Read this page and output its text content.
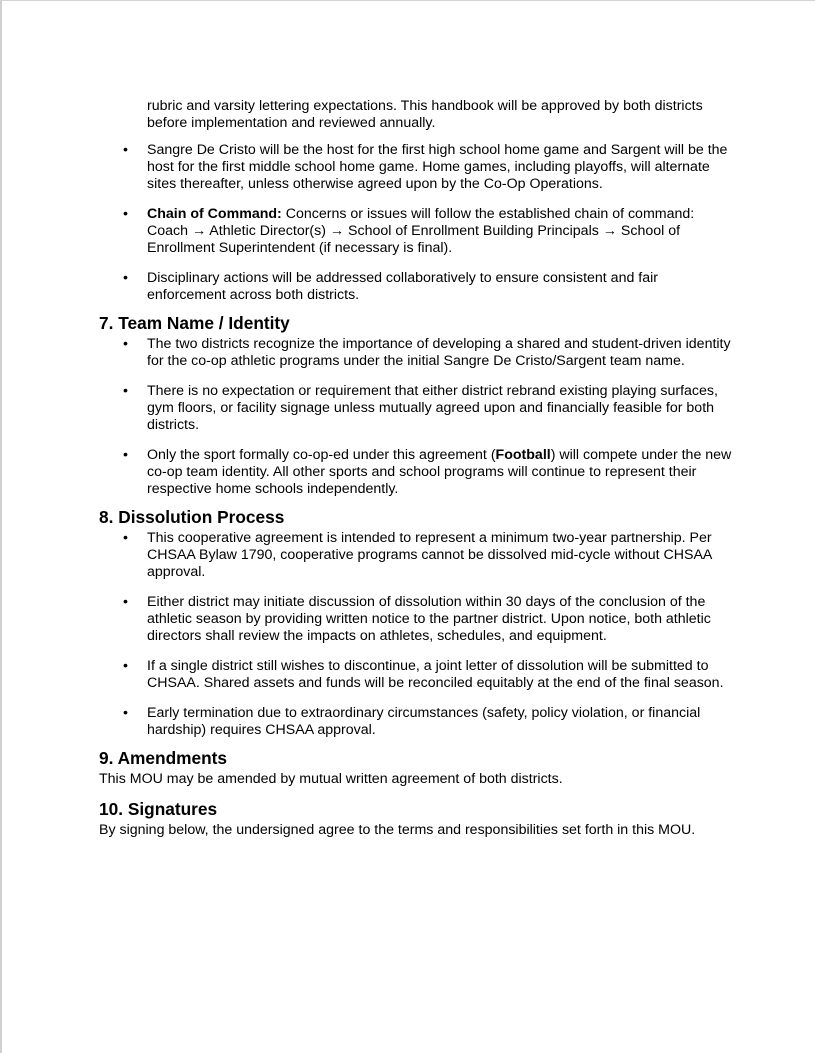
rubric and varsity lettering expectations. This handbook will be approved by both districts before implementation and reviewed annually.
• Sangre De Cristo will be the host for the first high school home game and Sargent will be the host for the first middle school home game. Home games, including playoffs, will alternate sites thereafter, unless otherwise agreed upon by the Co-Op Operations.
• Chain of Command: Concerns or issues will follow the established chain of command: Coach → Athletic Director(s) → School of Enrollment Building Principals → School of Enrollment Superintendent (if necessary is final).
• Disciplinary actions will be addressed collaboratively to ensure consistent and fair enforcement across both districts.
7. Team Name / Identity
• The two districts recognize the importance of developing a shared and student-driven identity for the co-op athletic programs under the initial Sangre De Cristo/Sargent team name.
• There is no expectation or requirement that either district rebrand existing playing surfaces, gym floors, or facility signage unless mutually agreed upon and financially feasible for both districts.
• Only the sport formally co-op-ed under this agreement (Football) will compete under the new co-op team identity. All other sports and school programs will continue to represent their respective home schools independently.
8. Dissolution Process
• This cooperative agreement is intended to represent a minimum two-year partnership. Per CHSAA Bylaw 1790, cooperative programs cannot be dissolved mid-cycle without CHSAA approval.
• Either district may initiate discussion of dissolution within 30 days of the conclusion of the athletic season by providing written notice to the partner district. Upon notice, both athletic directors shall review the impacts on athletes, schedules, and equipment.
• If a single district still wishes to discontinue, a joint letter of dissolution will be submitted to CHSAA. Shared assets and funds will be reconciled equitably at the end of the final season.
• Early termination due to extraordinary circumstances (safety, policy violation, or financial hardship) requires CHSAA approval.
9. Amendments

This MOU may be amended by mutual written agreement of both districts.

10. Signatures

By signing below, the undersigned agree to the terms and responsibilities set forth in this MOU.
